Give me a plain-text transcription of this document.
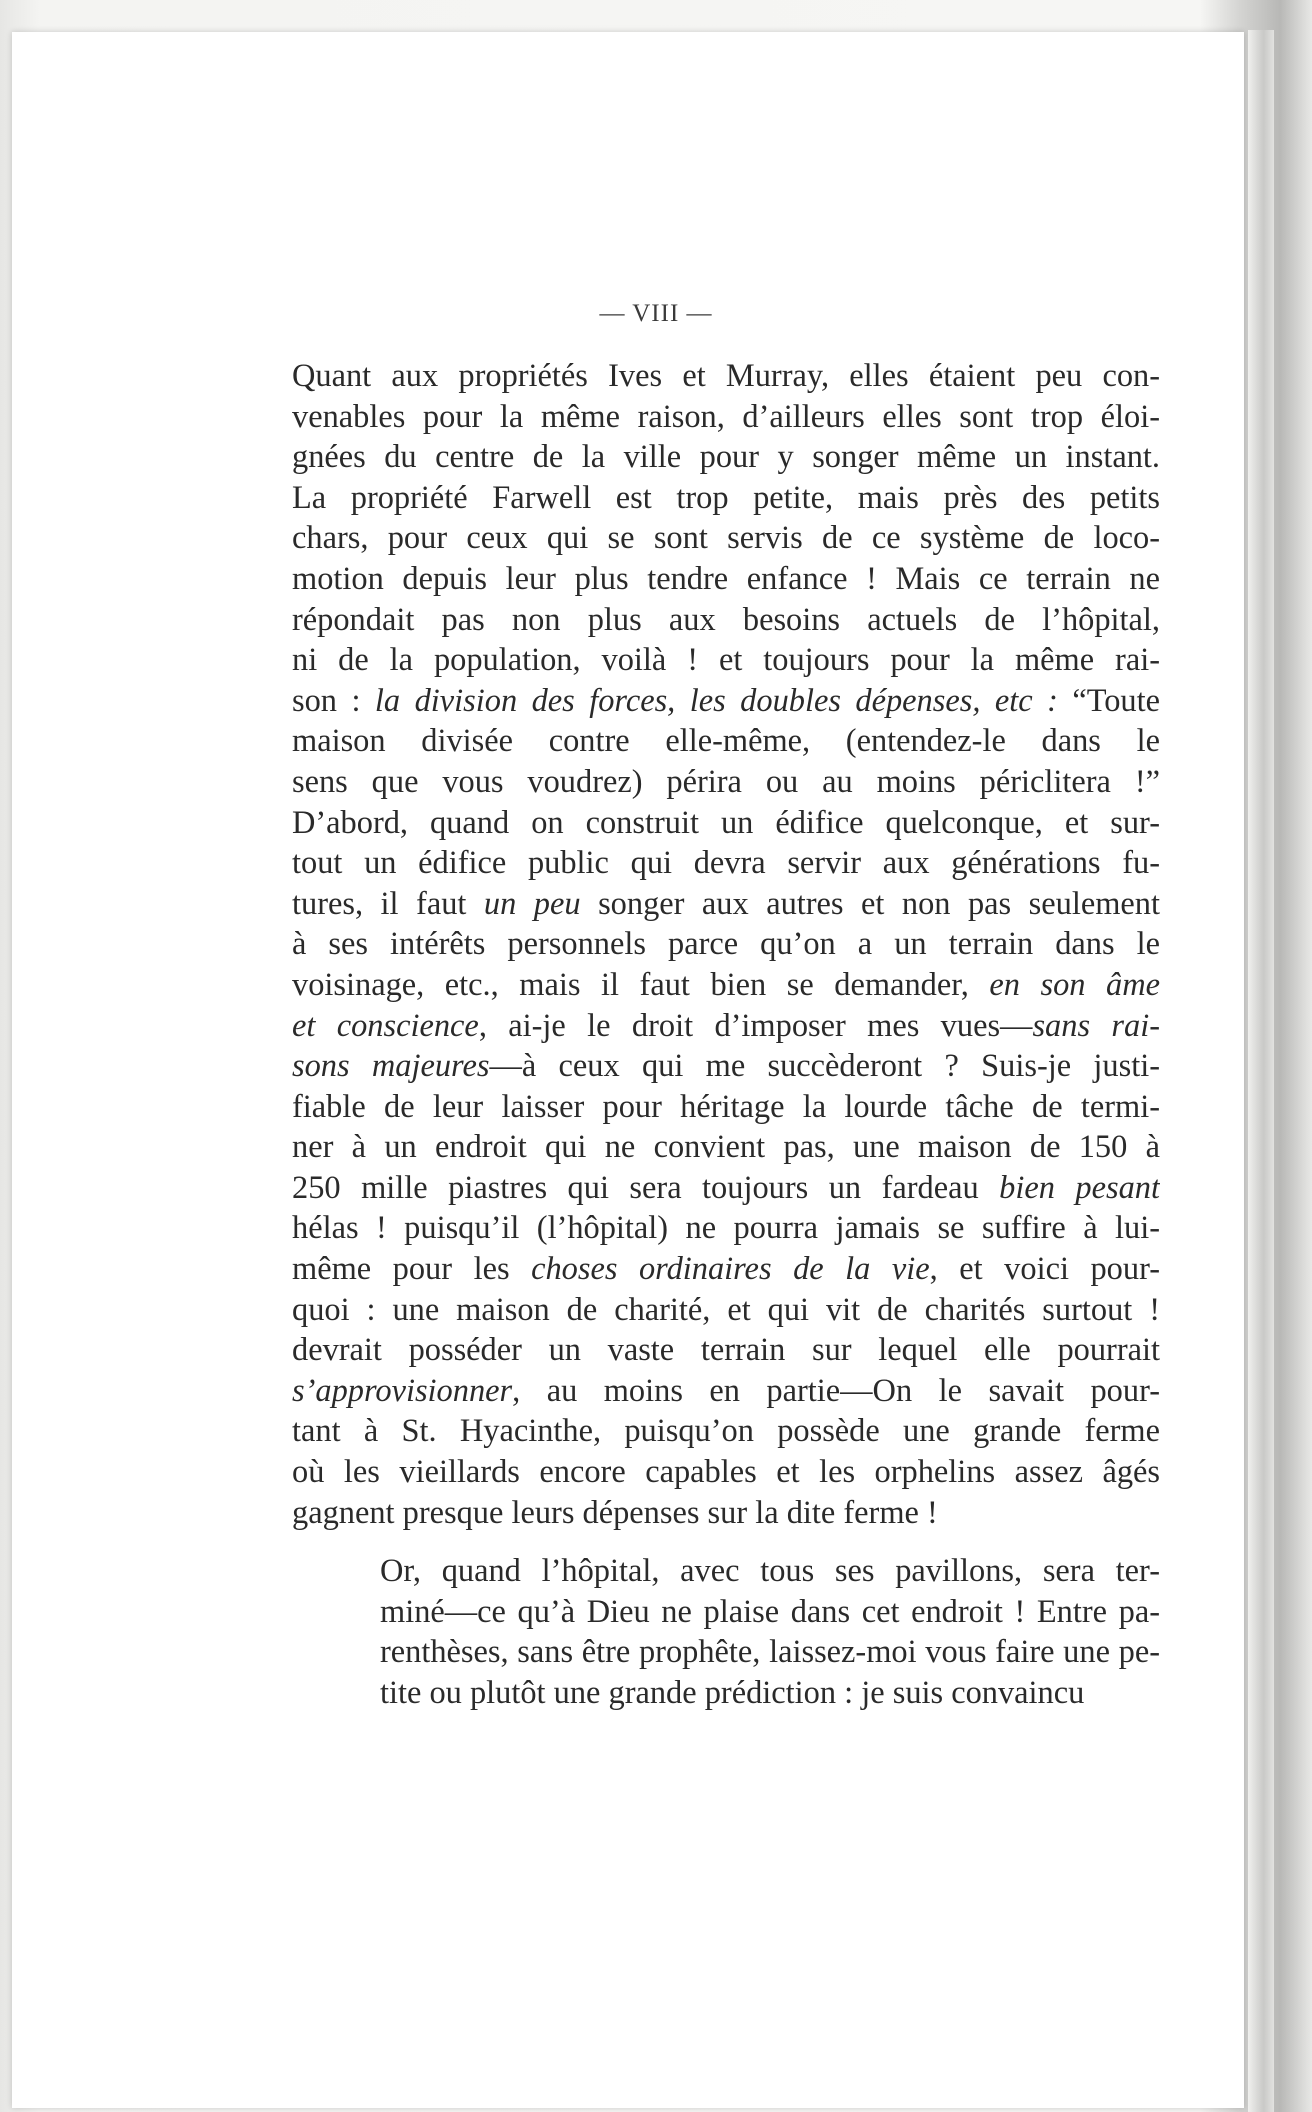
— VIII —

Quant aux propriétés Ives et Murray, elles étaient peu con-
venables pour la même raison, d’ailleurs elles sont trop éloi-
gnées du centre de la ville pour y songer même un instant.
La propriété Farwell est trop petite, mais près des petits
chars, pour ceux qui se sont servis de ce système de loco-
motion depuis leur plus tendre enfance ! Mais ce terrain ne
répondait pas non plus aux besoins actuels de l’hôpital,
ni de la population, voilà ! et toujours pour la même rai-
son : la division des forces, les doubles dépenses, etc : “Toute
maison divisée contre elle-même, (entendez-le dans le
sens que vous voudrez) périra ou au moins périclitera !”
D’abord, quand on construit un édifice quelconque, et sur-
tout un édifice public qui devra servir aux générations fu-
tures, il faut un peu songer aux autres et non pas seulement
à ses intérêts personnels parce qu’on a un terrain dans le
voisinage, etc., mais il faut bien se demander, en son âme
et conscience, ai-je le droit d’imposer mes vues—sans rai-
sons majeures—à ceux qui me succèderont ? Suis-je justi-
fiable de leur laisser pour héritage la lourde tâche de termi-
ner à un endroit qui ne convient pas, une maison de 150 à
250 mille piastres qui sera toujours un fardeau bien pesant
hélas ! puisqu’il (l’hôpital) ne pourra jamais se suffire à lui-
même pour les choses ordinaires de la vie, et voici pour-
quoi : une maison de charité, et qui vit de charités surtout !
devrait posséder un vaste terrain sur lequel elle pourrait
s’approvisionner, au moins en partie—On le savait pour-
tant à St. Hyacinthe, puisqu’on possède une grande ferme
où les vieillards encore capables et les orphelins assez âgés
gagnent presque leurs dépenses sur la dite ferme !

Or, quand l’hôpital, avec tous ses pavillons, sera ter-
miné—ce qu’à Dieu ne plaise dans cet endroit ! Entre pa-
renthèses, sans être prophête, laissez-moi vous faire une pe-
tite ou plutôt une grande prédiction : je suis convaincu
